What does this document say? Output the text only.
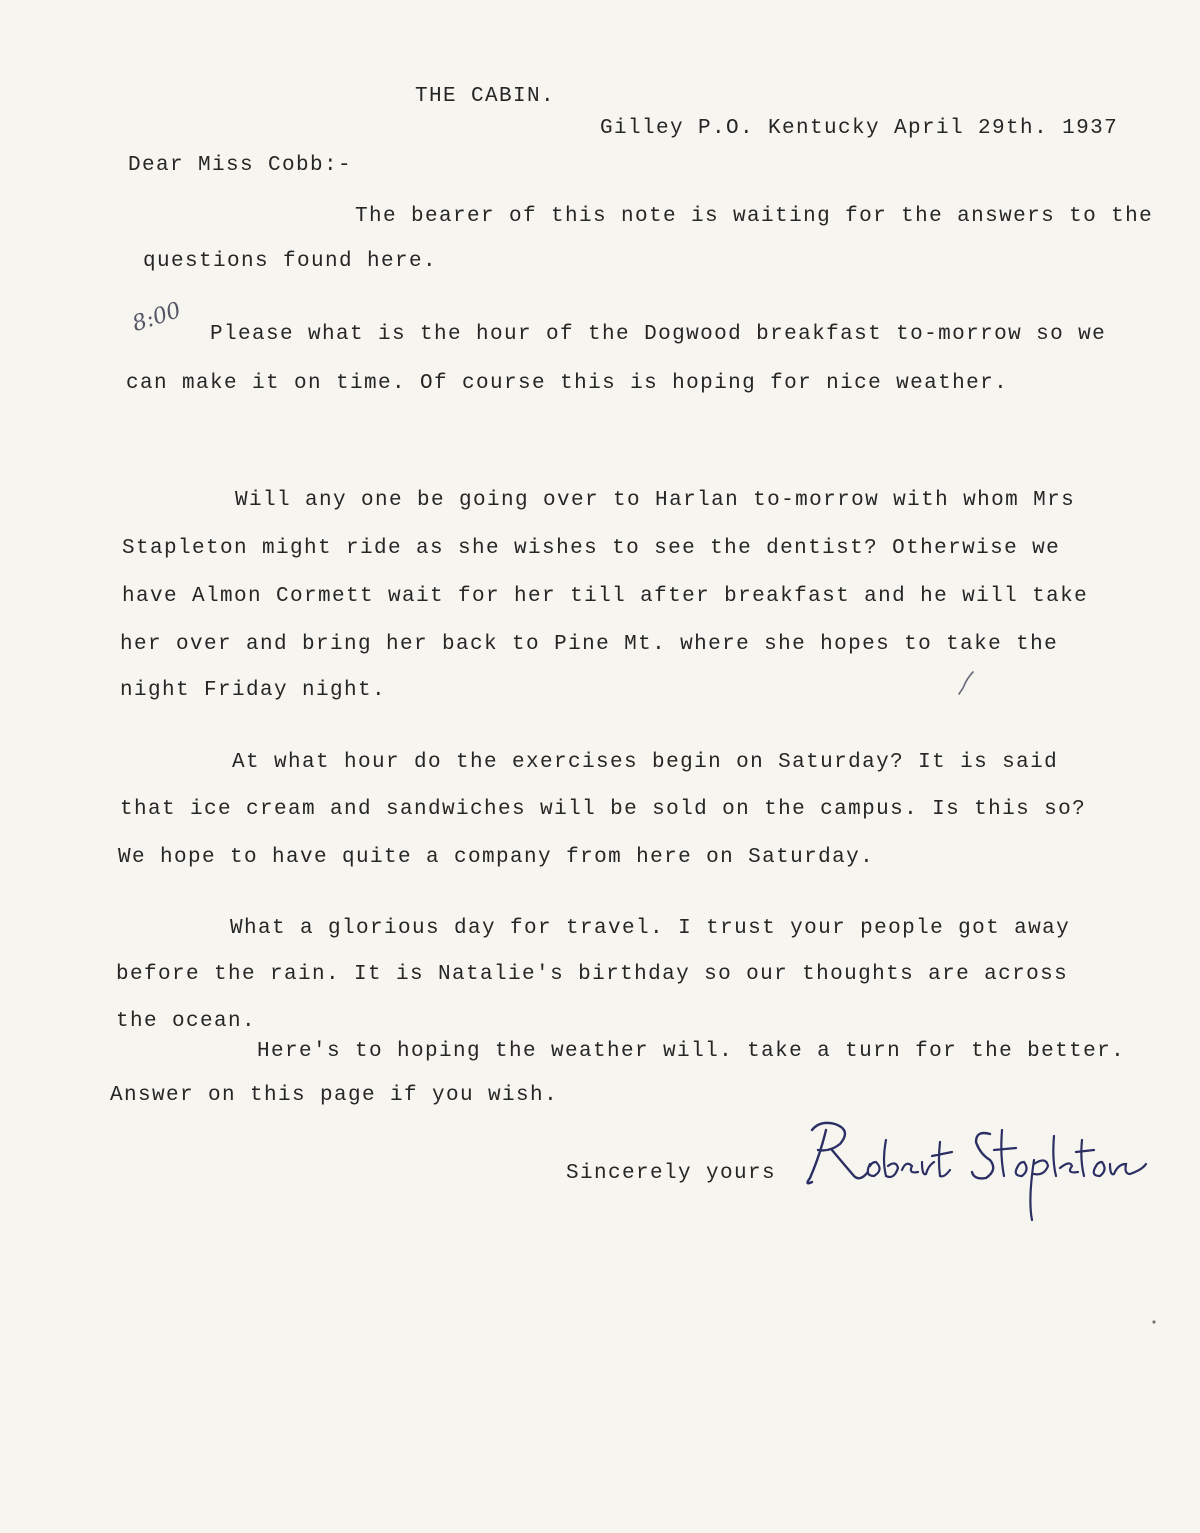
THE CABIN.
Gilley P.O. Kentucky April 29th. 1937
Dear Miss Cobb:-
The bearer of this note is waiting for the answers to the
questions found here.
8:00 Please what is the hour of the Dogwood breakfast to-morrow so we
can make it on time. Of course this is hoping for nice weather.
Will any one be going over to Harlan to-morrow with whom Mrs
Stapleton might ride as she wishes to see the dentist? Otherwise we
have Almon Cormett wait for her till after breakfast and he will take
her over and bring her back to Pine Mt. where she hopes to take the
night Friday night.
At what hour do the exercises begin on Saturday? It is said
that ice cream and sandwiches will be sold on the campus. Is this so?
We hope to have quite a company from here on Saturday.
What a glorious day for travel. I trust your people got away
before the rain. It is Natalie's birthday so our thoughts are across
the ocean.
Here's to hoping the weather will. take a turn for the better.
Answer on this page if you wish.
Sincerely yours
